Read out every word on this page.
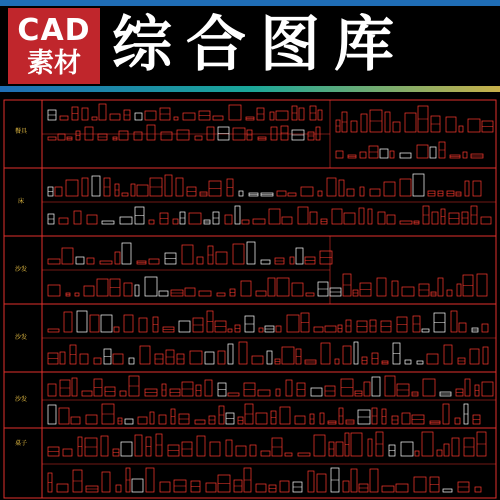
CAD
素材 综合图库
餐具
床
沙发
沙发
沙发
桌子
